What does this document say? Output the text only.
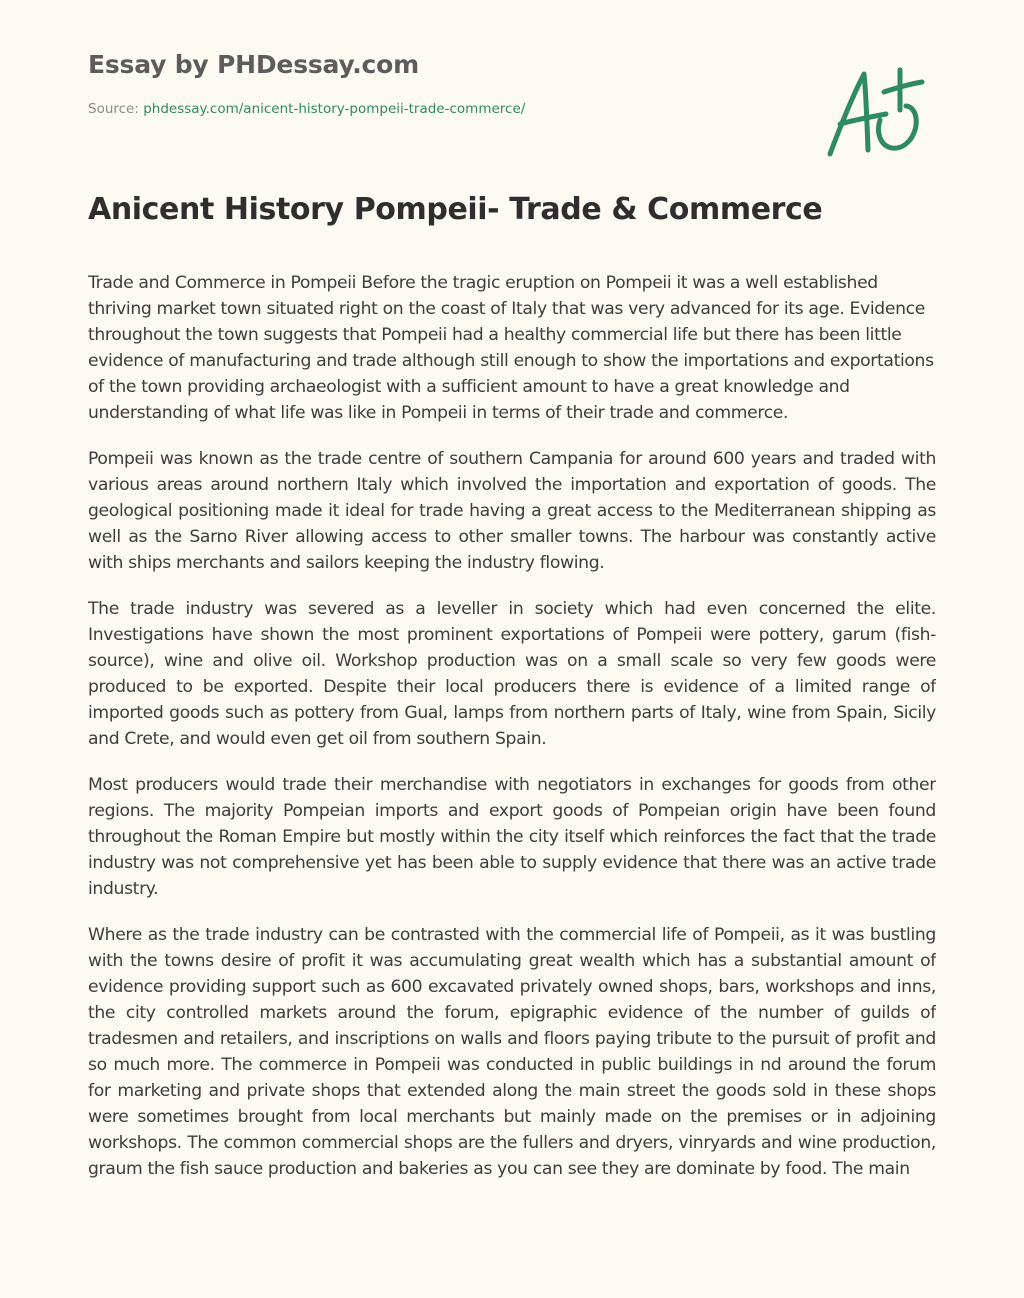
Essay by PHDessay.com
Source: phdessay.com/anicent-history-pompeii-trade-commerce/
Anicent History Pompeii- Trade & Commerce

Trade and Commerce in Pompeii Before the tragic eruption on Pompeii it was a well established thriving market town situated right on the coast of Italy that was very advanced for its age. Evidence throughout the town suggests that Pompeii had a healthy commercial life but there has been little evidence of manufacturing and trade although still enough to show the importations and exportations of the town providing archaeologist with a sufficient amount to have a great knowledge and understanding of what life was like in Pompeii in terms of their trade and commerce.

Pompeii was known as the trade centre of southern Campania for around 600 years and traded with various areas around northern Italy which involved the importation and exportation of goods. The geological positioning made it ideal for trade having a great access to the Mediterranean shipping as well as the Sarno River allowing access to other smaller towns. The harbour was constantly active with ships merchants and sailors keeping the industry flowing.

The trade industry was severed as a leveller in society which had even concerned the elite. Investigations have shown the most prominent exportations of Pompeii were pottery, garum (fish-source), wine and olive oil. Workshop production was on a small scale so very few goods were produced to be exported. Despite their local producers there is evidence of a limited range of imported goods such as pottery from Gual, lamps from northern parts of Italy, wine from Spain, Sicily and Crete, and would even get oil from southern Spain.

Most producers would trade their merchandise with negotiators in exchanges for goods from other regions. The majority Pompeian imports and export goods of Pompeian origin have been found throughout the Roman Empire but mostly within the city itself which reinforces the fact that the trade industry was not comprehensive yet has been able to supply evidence that there was an active trade industry.

Where as the trade industry can be contrasted with the commercial life of Pompeii, as it was bustling with the towns desire of profit it was accumulating great wealth which has a substantial amount of evidence providing support such as 600 excavated privately owned shops, bars, workshops and inns, the city controlled markets around the forum, epigraphic evidence of the number of guilds of tradesmen and retailers, and inscriptions on walls and floors paying tribute to the pursuit of profit and so much more. The commerce in Pompeii was conducted in public buildings in nd around the forum for marketing and private shops that extended along the main street the goods sold in these shops were sometimes brought from local merchants but mainly made on the premises or in adjoining workshops. The common commercial shops are the fullers and dryers, vinryards and wine production, graum the fish sauce production and bakeries as you can see they are dominate by food. The main
